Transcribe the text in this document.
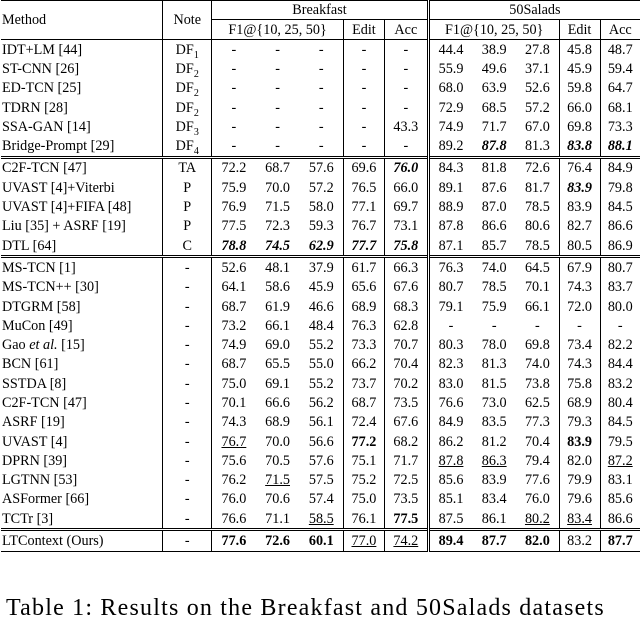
Method	Note	Breakfast					50Salads				
		F1@{10, 25, 50}			Edit	Acc	F1@{10, 25, 50}			Edit	Acc
IDT+LM [44]	$DF_1$	-	-	-	-	-	44.4	38.9	27.8	45.8	48.7
ST-CNN [26]	$DF_2$	-	-	-	-	-	55.9	49.6	37.1	45.9	59.4
ED-TCN [25]	$DF_2$	-	-	-	-	-	68.0	63.9	52.6	59.8	64.7
TDRN [28]	$DF_2$	-	-	-	-	-	72.9	68.5	57.2	66.0	68.1
SSA-GAN [14]	$DF_3$	-	-	-	-	43.3	74.9	71.7	67.0	69.8	73.3
Bridge-Prompt [29]	$DF_4$	-	-	-	-	-	89.2	87.8	81.3	83.8	88.1
C2F-TCN [47]	TA	72.2	68.7	57.6	69.6	76.0	84.3	81.8	72.6	76.4	84.9
UVAST [4]+Viterbi	P	75.9	70.0	57.2	76.5	66.0	89.1	87.6	81.7	83.9	79.8
UVAST [4]+FIFA [48]	P	76.9	71.5	58.0	77.1	69.7	88.9	87.0	78.5	83.9	84.5
Liu [35] + ASRF [19]	P	77.5	72.3	59.3	76.7	73.1	87.8	86.6	80.6	82.7	86.6
DTL [64]	C	78.8	74.5	62.9	77.7	75.8	87.1	85.7	78.5	80.5	86.9
MS-TCN [1]	-	52.6	48.1	37.9	61.7	66.3	76.3	74.0	64.5	67.9	80.7
MS-TCN++ [30]	-	64.1	58.6	45.9	65.6	67.6	80.7	78.5	70.1	74.3	83.7
DTGRM [58]	-	68.7	61.9	46.6	68.9	68.3	79.1	75.9	66.1	72.0	80.0
MuCon [49]	-	73.2	66.1	48.4	76.3	62.8	-	-	-	-	-
Gao et al. [15]	-	74.9	69.0	55.2	73.3	70.7	80.3	78.0	69.8	73.4	82.2
BCN [61]	-	68.7	65.5	55.0	66.2	70.4	82.3	81.3	74.0	74.3	84.4
SSTDA [8]	-	75.0	69.1	55.2	73.7	70.2	83.0	81.5	73.8	75.8	83.2
C2F-TCN [47]	-	70.1	66.6	56.2	68.7	73.5	76.6	73.0	62.5	68.9	80.4
ASRF [19]	-	74.3	68.9	56.1	72.4	67.6	84.9	83.5	77.3	79.3	84.5
UVAST [4]	-	76.7	70.0	56.6	77.2	68.2	86.2	81.2	70.4	83.9	79.5
DPRN [39]	-	75.6	70.5	57.6	75.1	71.7	87.8	86.3	79.4	82.0	87.2
LGTNN [53]	-	76.2	71.5	57.5	75.2	72.5	85.6	83.9	77.6	79.9	83.1
ASFormer [66]	-	76.0	70.6	57.4	75.0	73.5	85.1	83.4	76.0	79.6	85.6
TCTr [3]	-	76.6	71.1	58.5	76.1	77.5	87.5	86.1	80.2	83.4	86.6
LTContext (Ours)	-	77.6	72.6	60.1	77.0	74.2	89.4	87.7	82.0	83.2	87.7
Table 1: Results on the Breakfast and 50Salads datasets
